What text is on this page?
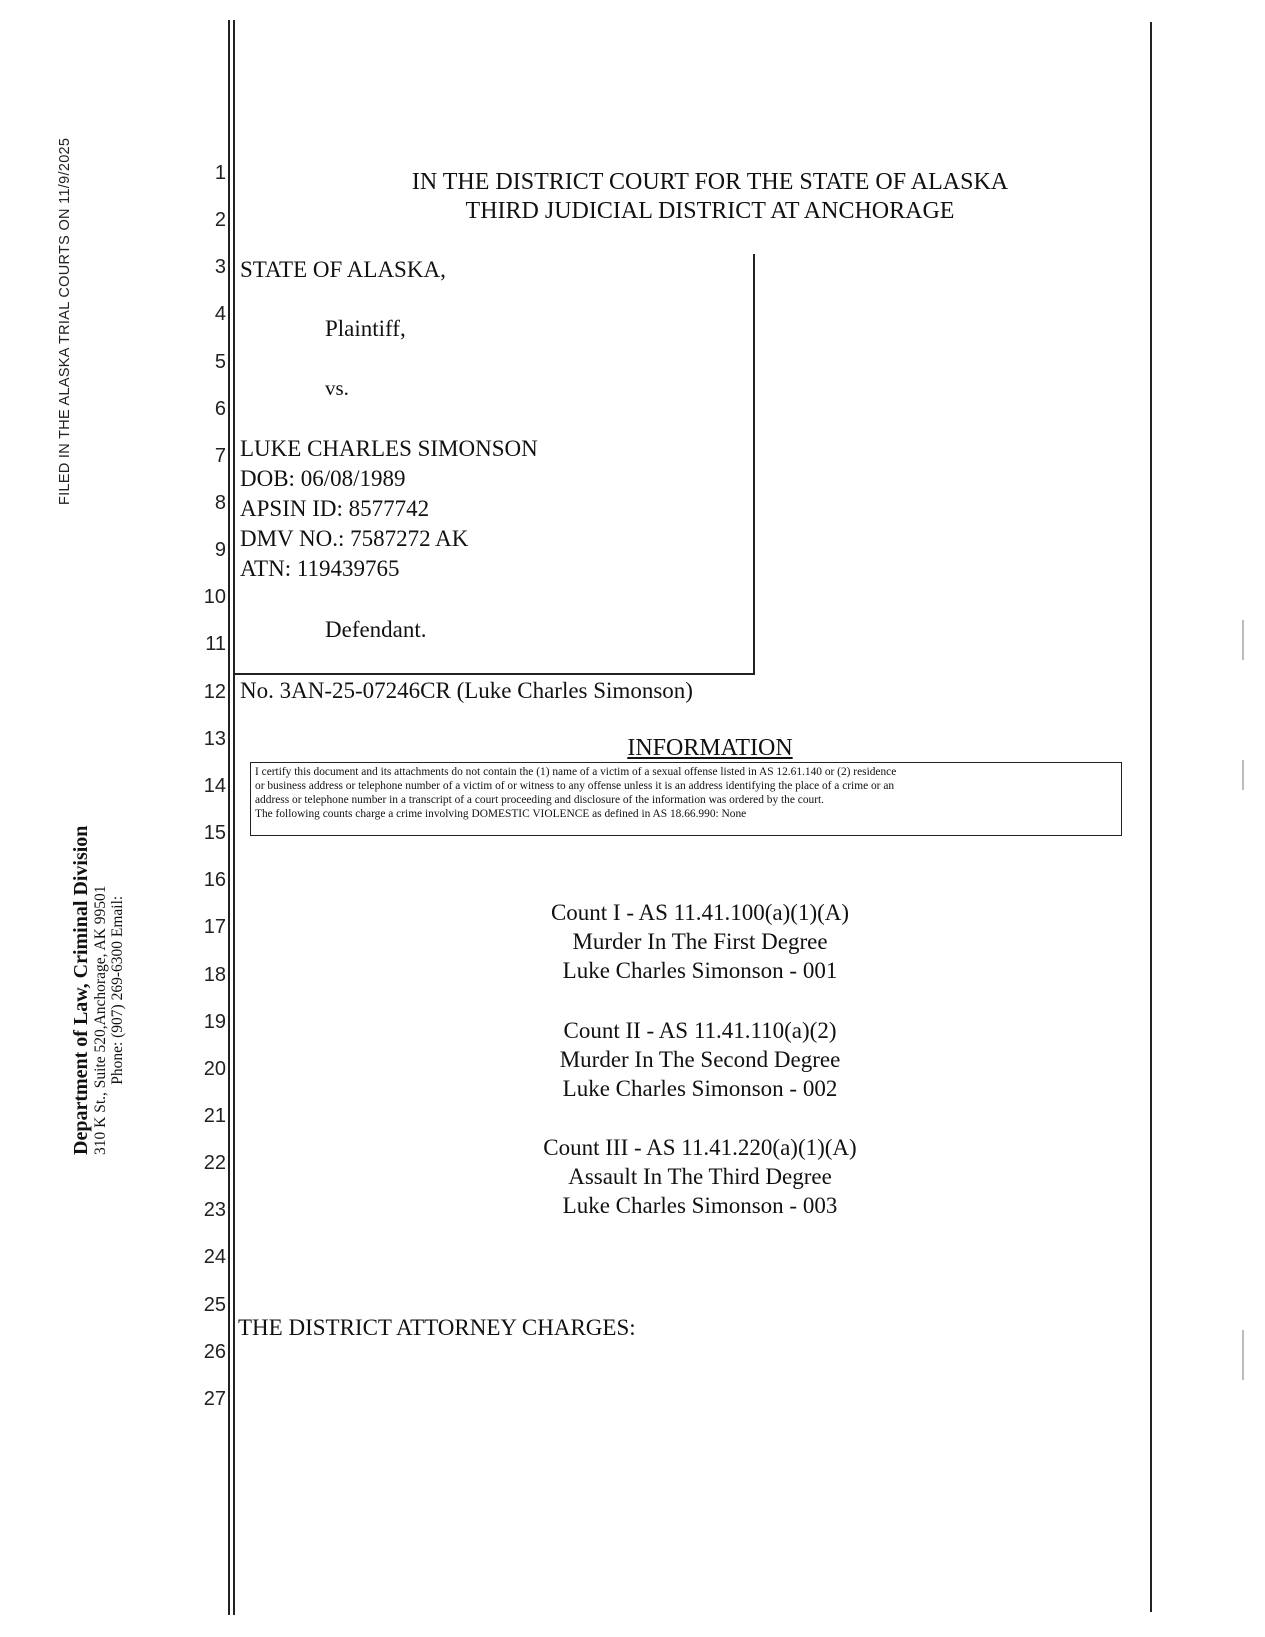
FILED IN THE ALASKA TRIAL COURTS ON 11/9/2025
Department of Law, Criminal Division 310 K St., Suite 520,Anchorage, AK 99501 Phone: (907) 269-6300 Email:
1
2
3
4
5
6
7
8
9
10
11
12
13
14
15
16
17
18
19
20
21
22
23
24
25
26
27
IN THE DISTRICT COURT FOR THE STATE OF ALASKA
THIRD JUDICIAL DISTRICT AT ANCHORAGE
STATE OF ALASKA,
Plaintiff,
vs.
LUKE CHARLES SIMONSON
DOB: 06/08/1989
APSIN ID: 8577742
DMV NO.: 7587272 AK
ATN: 119439765
Defendant.
No. 3AN-25-07246CR (Luke Charles Simonson)
INFORMATION
I certify this document and its attachments do not contain the (1) name of a victim of a sexual offense listed in AS 12.61.140 or (2) residence
or business address or telephone number of a victim of or witness to any offense unless it is an address identifying the place of a crime or an
address or telephone number in a transcript of a court proceeding and disclosure of the information was ordered by the court.
The following counts charge a crime involving DOMESTIC VIOLENCE as defined in AS 18.66.990: None
Count I - AS 11.41.100(a)(1)(A)
Murder In The First Degree
Luke Charles Simonson - 001
Count II - AS 11.41.110(a)(2)
Murder In The Second Degree
Luke Charles Simonson - 002
Count III - AS 11.41.220(a)(1)(A)
Assault In The Third Degree
Luke Charles Simonson - 003
THE DISTRICT ATTORNEY CHARGES:
